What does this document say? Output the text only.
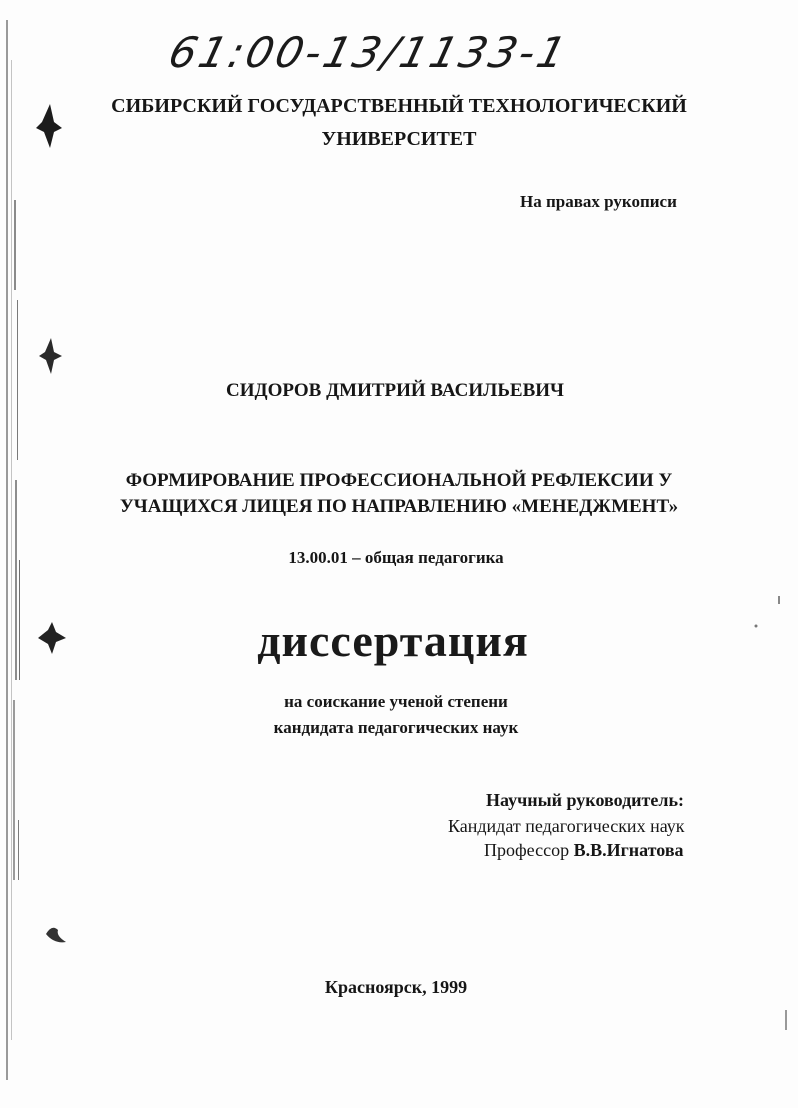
61:00-13/1133-1
СИБИРСКИЙ ГОСУДАРСТВЕННЫЙ ТЕХНОЛОГИЧЕСКИЙ
УНИВЕРСИТЕТ
На правах рукописи
СИДОРОВ ДМИТРИЙ ВАСИЛЬЕВИЧ
ФОРМИРОВАНИЕ ПРОФЕССИОНАЛЬНОЙ РЕФЛЕКСИИ У
УЧАЩИХСЯ ЛИЦЕЯ ПО НАПРАВЛЕНИЮ «МЕНЕДЖМЕНТ»
13.00.01 – общая педагогика
диссертация
на соискание ученой степени
кандидата педагогических наук
Научный руководитель:
Кандидат педагогических наук
Профессор В.В.Игнатова
Красноярск, 1999
